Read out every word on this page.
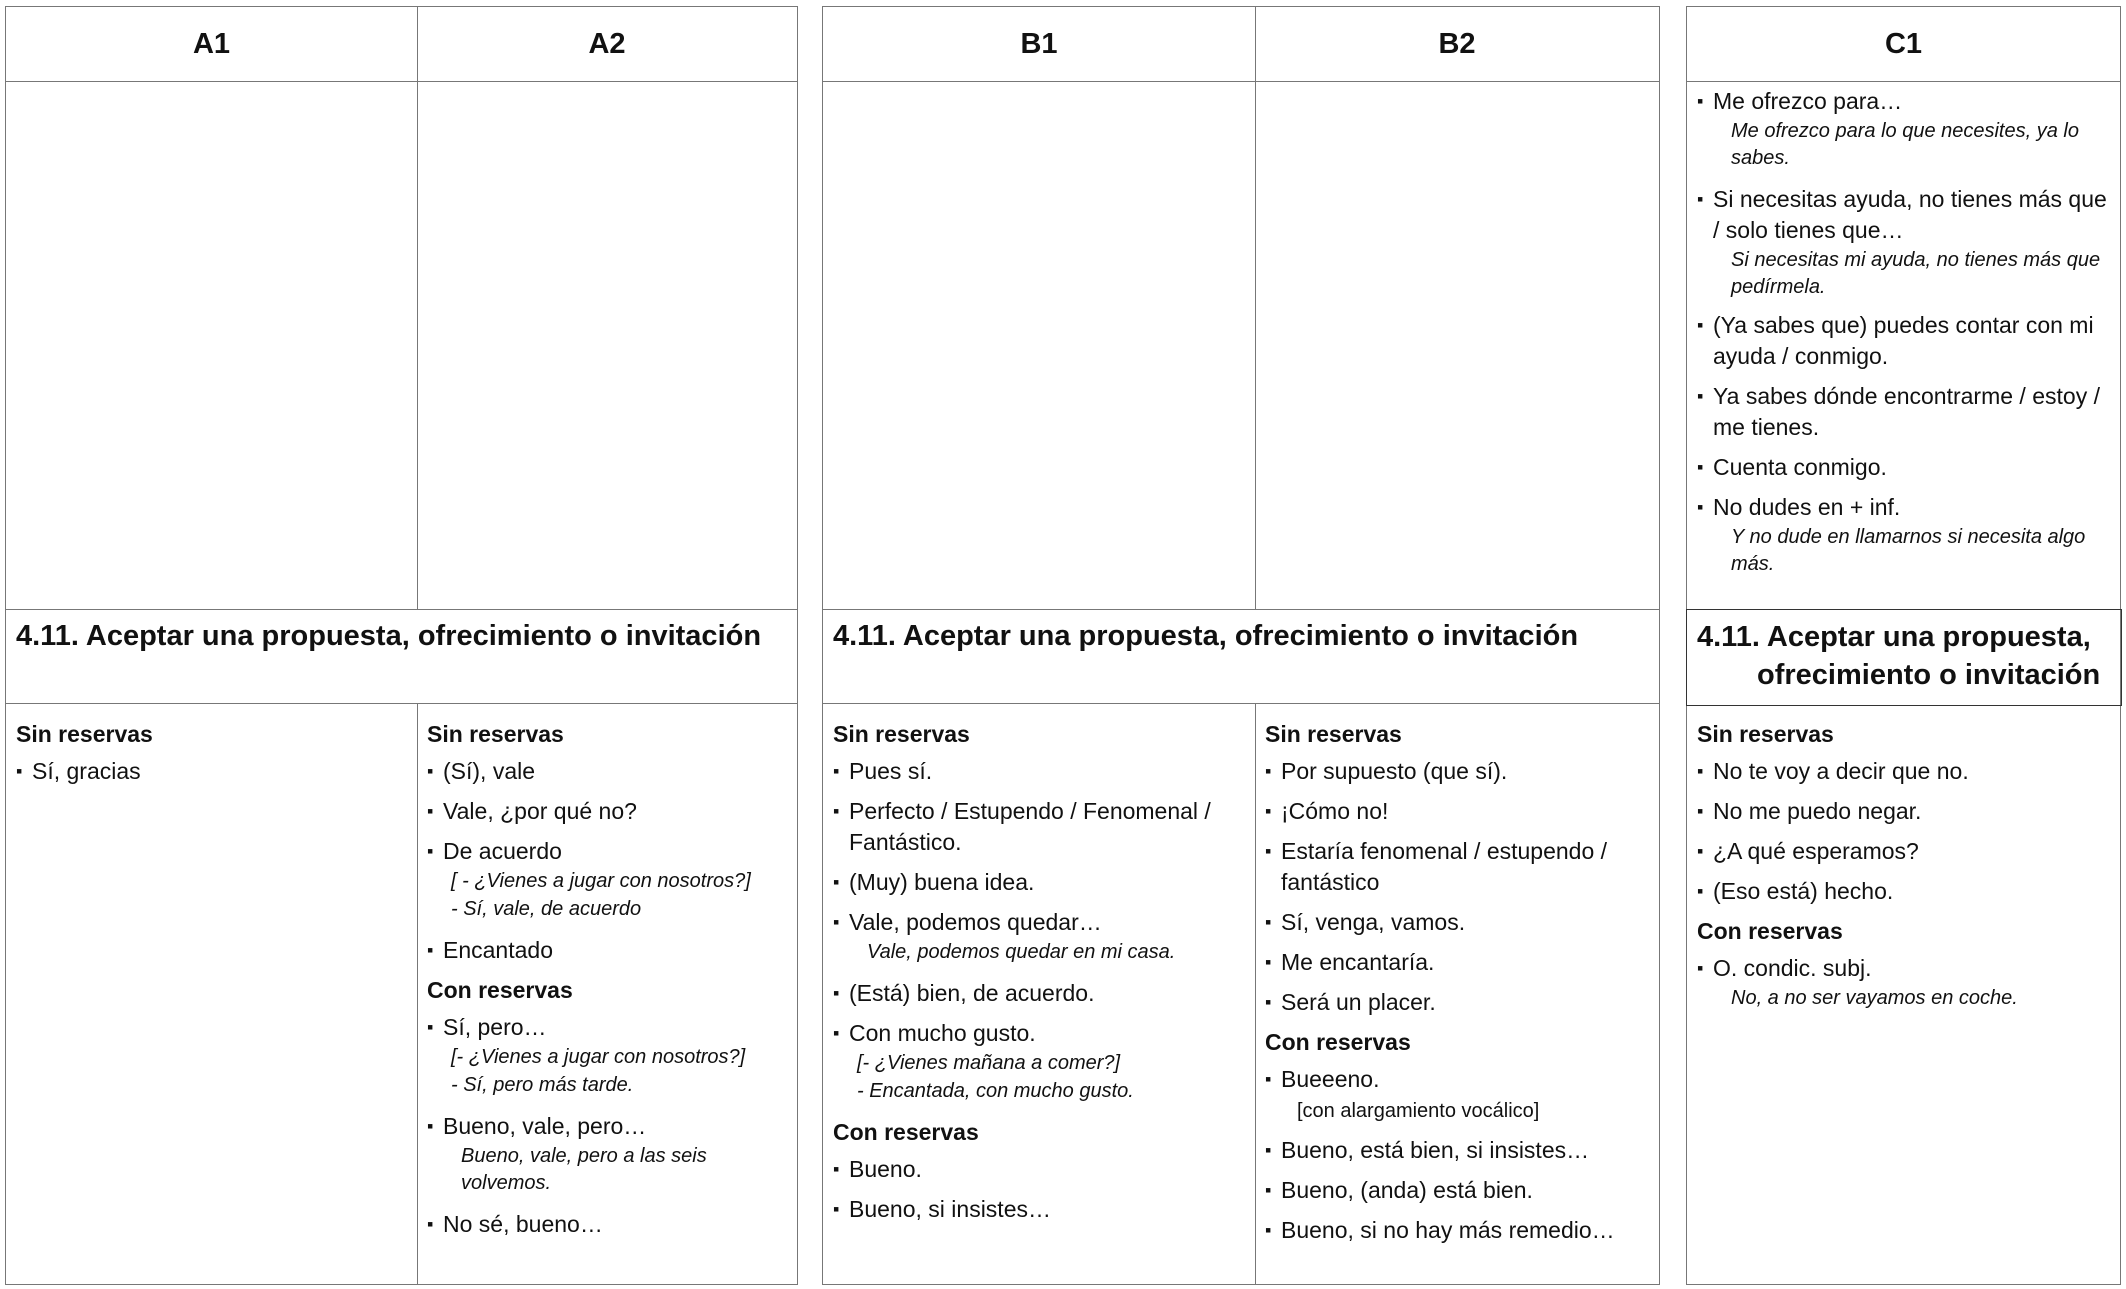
A1	A2
4.11. Aceptar una propuesta, ofrecimiento o invitación
Sin reservas
▪ Sí, gracias
Sin reservas
▪ (Sí), vale
▪ Vale, ¿por qué no?
▪ De acuerdo
[ - ¿Vienes a jugar con nosotros?]
- Sí, vale, de acuerdo
▪ Encantado
Con reservas
▪ Sí, pero…
[- ¿Vienes a jugar con nosotros?]
- Sí, pero más tarde.
▪ Bueno, vale, pero…
Bueno, vale, pero a las seis volvemos.
▪ No sé, bueno…
B1	B2
4.11. Aceptar una propuesta, ofrecimiento o invitación
Sin reservas
▪ Pues sí.
▪ Perfecto / Estupendo / Fenomenal / Fantástico.
▪ (Muy) buena idea.
▪ Vale, podemos quedar…
Vale, podemos quedar en mi casa.
▪ (Está) bien, de acuerdo.
▪ Con mucho gusto.
[- ¿Vienes mañana a comer?]
- Encantada, con mucho gusto.
Con reservas
▪ Bueno.
▪ Bueno, si insistes…
Sin reservas
▪ Por supuesto (que sí).
▪ ¡Cómo no!
▪ Estaría fenomenal / estupendo / fantástico
▪ Sí, venga, vamos.
▪ Me encantaría.
▪ Será un placer.
Con reservas
▪ Bueeeno.
[con alargamiento vocálico]
▪ Bueno, está bien, si insistes…
▪ Bueno, (anda) está bien.
▪ Bueno, si no hay más remedio…
C1
▪ Me ofrezco para…
Me ofrezco para lo que necesites, ya lo sabes.
▪ Si necesitas ayuda, no tienes más que / solo tienes que…
Si necesitas mi ayuda, no tienes más que pedírmela.
▪ (Ya sabes que) puedes contar con mi ayuda / conmigo.
▪ Ya sabes dónde encontrarme / estoy / me tienes.
▪ Cuenta conmigo.
▪ No dudes en + inf.
Y no dude en llamarnos si necesita algo más.
4.11. Aceptar una propuesta,
ofrecimiento o invitación
Sin reservas
▪ No te voy a decir que no.
▪ No me puedo negar.
▪ ¿A qué esperamos?
▪ (Eso está) hecho.
Con reservas
▪ O. condic. subj.
No, a no ser vayamos en coche.
